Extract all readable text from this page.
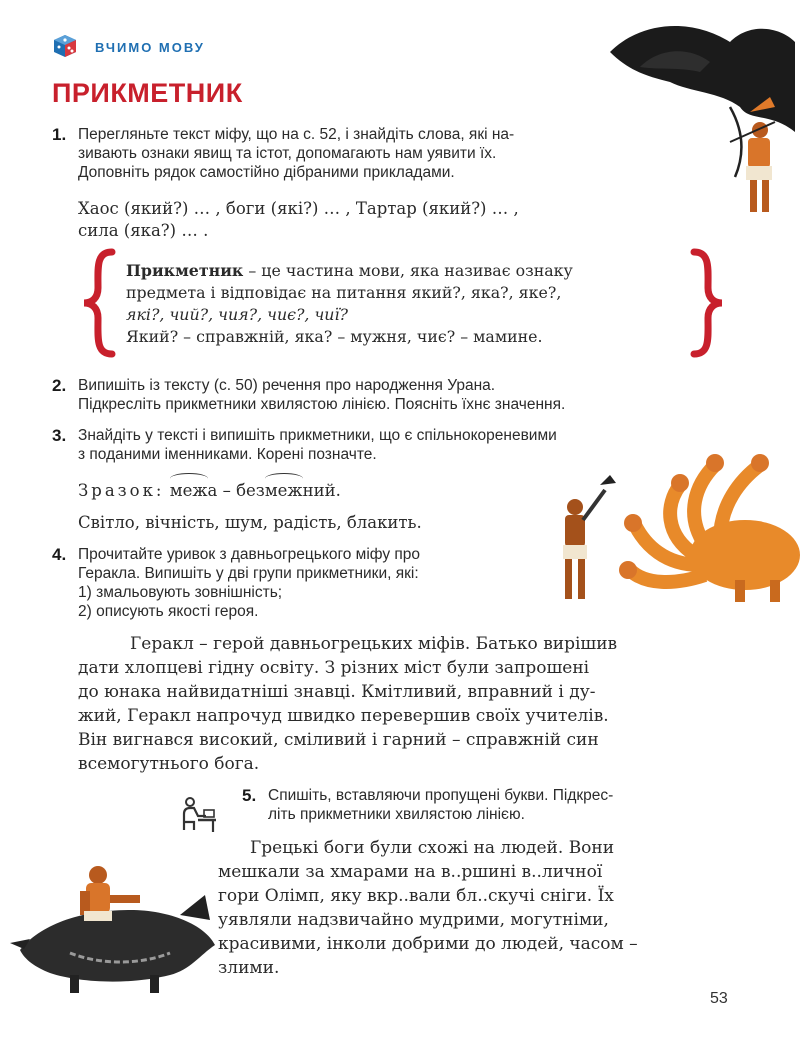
ВЧИМО МОВУ
ПРИКМЕТНИК
1. Перегляньте текст міфу, що на с. 52, і знайдіть слова, які на-

зивають ознаки явищ та істот, допомагають нам уявити їх.

Доповніть рядок самостійно дібраними прикладами.

Хаос (який?) … , боги (які?) … , Тартар (який?) … ,

сила (яка?) … .

Прикметник – це частина мови, яка називає ознаку

предмета і відповідає на питання який?, яка?, яке?,

які?, чий?, чия?, чиє?, чиї?

Який? – справжній, яка? – мужня, чиє? – мамине.

2. Випишіть із тексту (с. 50) речення про народження Урана.

Підкресліть прикметники хвилястою лінією. Поясніть їхнє значення.

3. Знайдіть у тексті і випишіть прикметники, що є спільнокореневими

з поданими іменниками. Корені позначте.

Зразок: межа – безмежний.

Світло, вічність, шум, радість, блакить.

4. Прочитайте уривок з давньогрецького міфу про

Геракла. Випишіть у дві групи прикметники, які:

1) змальовують зовнішність;

2) описують якості героя.

Геракл – герой давньогрецьких міфів. Батько вирішив

дати хлопцеві гідну освіту. З різних міст були запрошені

до юнака найвидатніші знавці. Кмітливий, вправний і ду-

жий, Геракл напрочуд швидко перевершив своїх учителів.

Він вигнався високий, сміливий і гарний – справжній син

всемогутнього бога.

5. Спишіть, вставляючи пропущені букви. Підкрес-

літь прикметники хвилястою лінією.

Грецькі боги були схожі на людей. Вони

мешкали за хмарами на в..ршині в..личної

гори Олімп, яку вкр..вали бл..скучі сніги. Їх

уявляли надзвичайно мудрими, могутніми,

красивими, інколи добрими до людей, часом –

злими.

53
